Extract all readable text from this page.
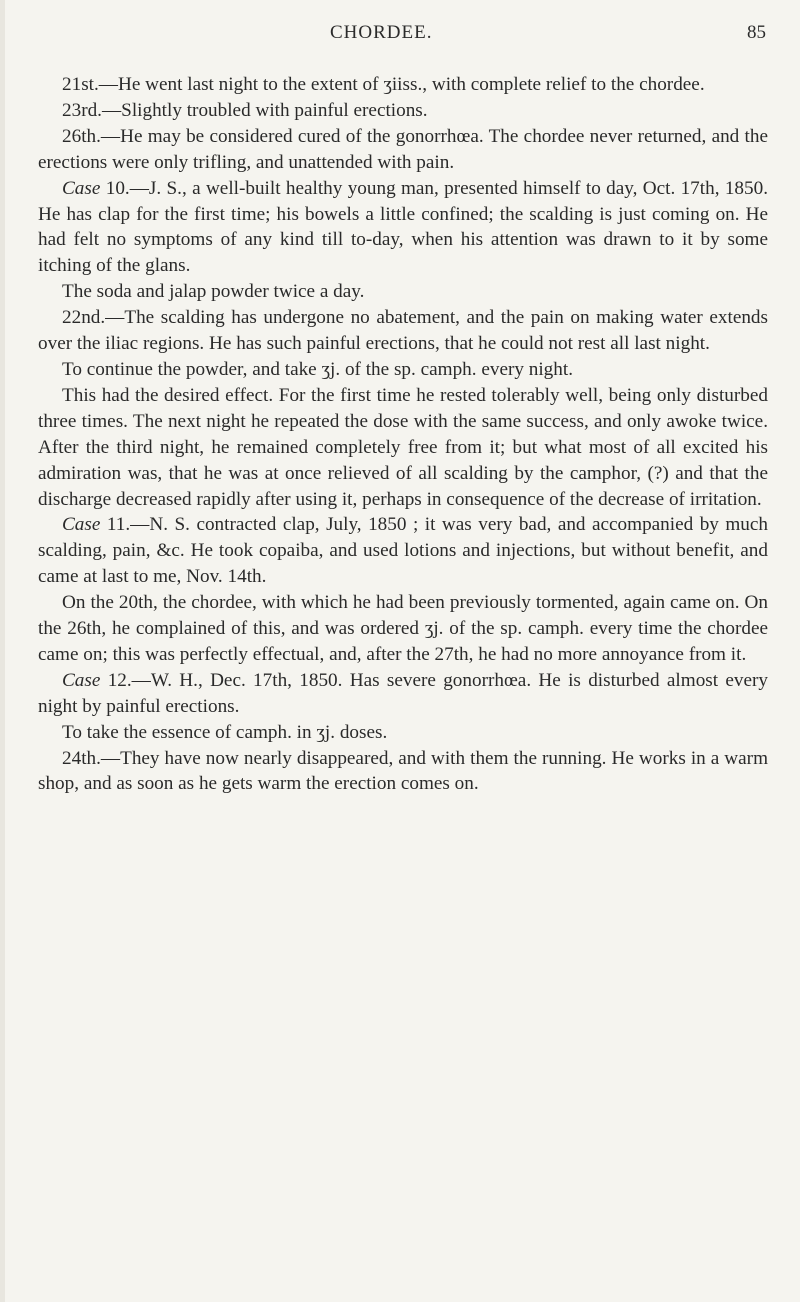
CHORDEE.	85

21st.—He went last night to the extent of ʒiiss., with complete relief to the chordee.

23rd.—Slightly troubled with painful erections.

26th.—He may be considered cured of the gonorrhœa. The chordee never returned, and the erections were only trifling, and unattended with pain.

Case 10.—J. S., a well-built healthy young man, presented himself to day, Oct. 17th, 1850. He has clap for the first time; his bowels a little confined; the scalding is just coming on. He had felt no symptoms of any kind till to-day, when his attention was drawn to it by some itching of the glans.

The soda and jalap powder twice a day.

22nd.—The scalding has undergone no abatement, and the pain on making water extends over the iliac regions. He has such painful erections, that he could not rest all last night.

To continue the powder, and take ʒj. of the sp. camph. every night.

This had the desired effect. For the first time he rested tolerably well, being only disturbed three times. The next night he repeated the dose with the same success, and only awoke twice. After the third night, he remained completely free from it; but what most of all excited his admiration was, that he was at once relieved of all scalding by the camphor, (?) and that the discharge decreased rapidly after using it, perhaps in consequence of the decrease of irritation.

Case 11.—N. S. contracted clap, July, 1850 ; it was very bad, and accompanied by much scalding, pain, &c. He took copaiba, and used lotions and injections, but without benefit, and came at last to me, Nov. 14th.

On the 20th, the chordee, with which he had been previously tormented, again came on. On the 26th, he complained of this, and was ordered ʒj. of the sp. camph. every time the chordee came on; this was perfectly effectual, and, after the 27th, he had no more annoyance from it.

Case 12.—W. H., Dec. 17th, 1850. Has severe gonorrhœa. He is disturbed almost every night by painful erections.

To take the essence of camph. in ʒj. doses.

24th.—They have now nearly disappeared, and with them the running. He works in a warm shop, and as soon as he gets warm the erection comes on.
